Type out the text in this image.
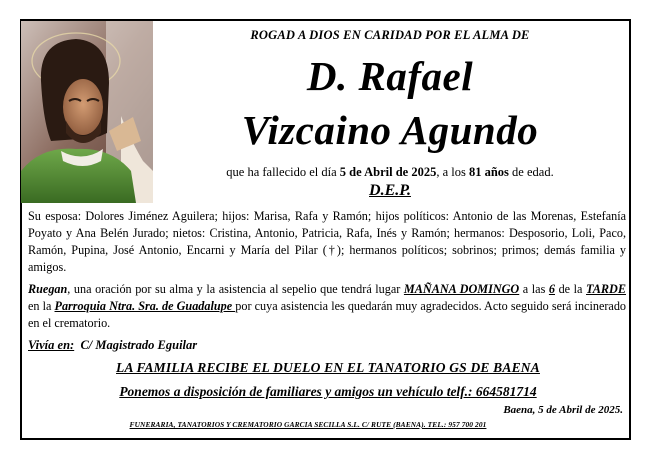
ROGAD A DIOS EN CARIDAD POR EL ALMA DE
D. Rafael
Vizcaino Agundo
que ha fallecido el día 5 de Abril de 2025, a los 81 años de edad.
D.E.P.
Su esposa: Dolores Jiménez Aguilera; hijos: Marisa, Rafa y Ramón; hijos políticos: Antonio de las Morenas, Estefanía Poyato y Ana Belén Jurado; nietos: Cristina, Antonio, Patricia, Rafa, Inés y Ramón; hermanos: Desposorio, Loli, Paco, Ramón, Pupina, José Antonio, Encarni y María del Pilar (†); hermanos políticos; sobrinos; primos; demás familia y amigos.
Ruegan, una oración por su alma y la asistencia al sepelio que tendrá lugar MAÑANA DOMINGO a las 6 de la TARDE en la Parroquia Ntra. Sra. de Guadalupe por cuya asistencia les quedarán muy agradecidos. Acto seguido será incinerado en el crematorio.
Vivía en: C/ Magistrado Eguilar
LA FAMILIA RECIBE EL DUELO EN EL TANATORIO GS DE BAENA
Ponemos a disposición de familiares y amigos un vehículo telf.: 664581714
Baena, 5 de Abril de 2025.
FUNERARIA, TANATORIOS Y CREMATORIO GARCIA SECILLA S.L. C/ RUTE (BAENA). TEL.: 957 700 201
